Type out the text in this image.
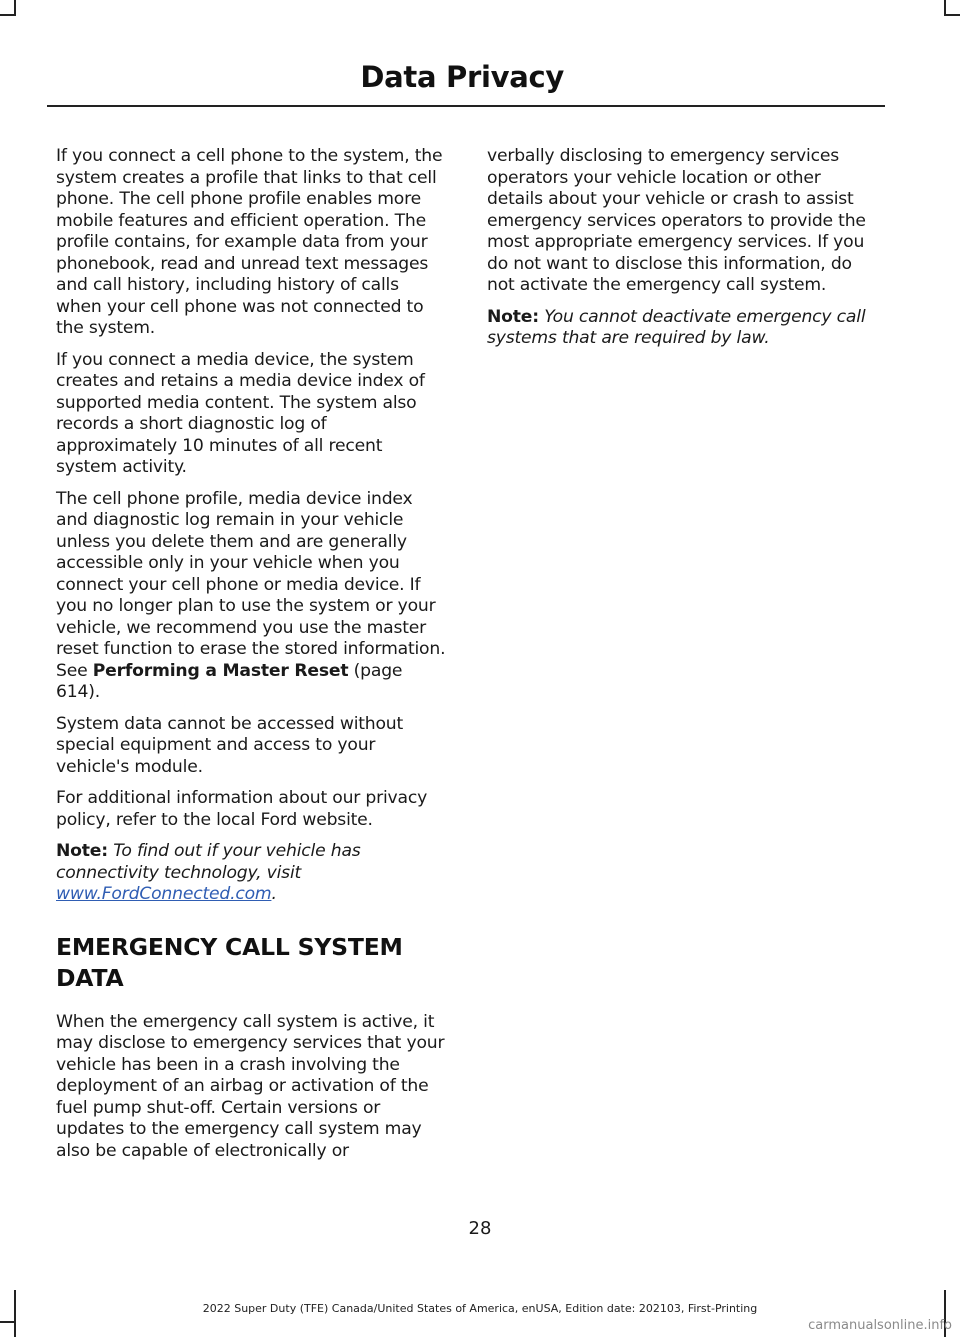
Data Privacy

If you connect a cell phone to the system, the system creates a profile that links to that cell phone. The cell phone profile enables more mobile features and efficient operation. The profile contains, for example data from your phonebook, read and unread text messages and call history, including history of calls when your cell phone was not connected to the system.

If you connect a media device, the system creates and retains a media device index of supported media content. The system also records a short diagnostic log of approximately 10 minutes of all recent system activity.

The cell phone profile, media device index and diagnostic log remain in your vehicle unless you delete them and are generally accessible only in your vehicle when you connect your cell phone or media device. If you no longer plan to use the system or your vehicle, we recommend you use the master reset function to erase the stored information. See Performing a Master Reset (page 614).

System data cannot be accessed without special equipment and access to your vehicle's module.

For additional information about our privacy policy, refer to the local Ford website.

Note: To find out if your vehicle has connectivity technology, visit www.FordConnected.com.

EMERGENCY CALL SYSTEM DATA

When the emergency call system is active, it may disclose to emergency services that your vehicle has been in a crash involving the deployment of an airbag or activation of the fuel pump shut-off. Certain versions or updates to the emergency call system may also be capable of electronically or

verbally disclosing to emergency services operators your vehicle location or other details about your vehicle or crash to assist emergency services operators to provide the most appropriate emergency services. If you do not want to disclose this information, do not activate the emergency call system.

Note: You cannot deactivate emergency call systems that are required by law.

28
2022 Super Duty (TFE) Canada/United States of America, enUSA, Edition date: 202103, First-Printing
carmanualsonline.info
